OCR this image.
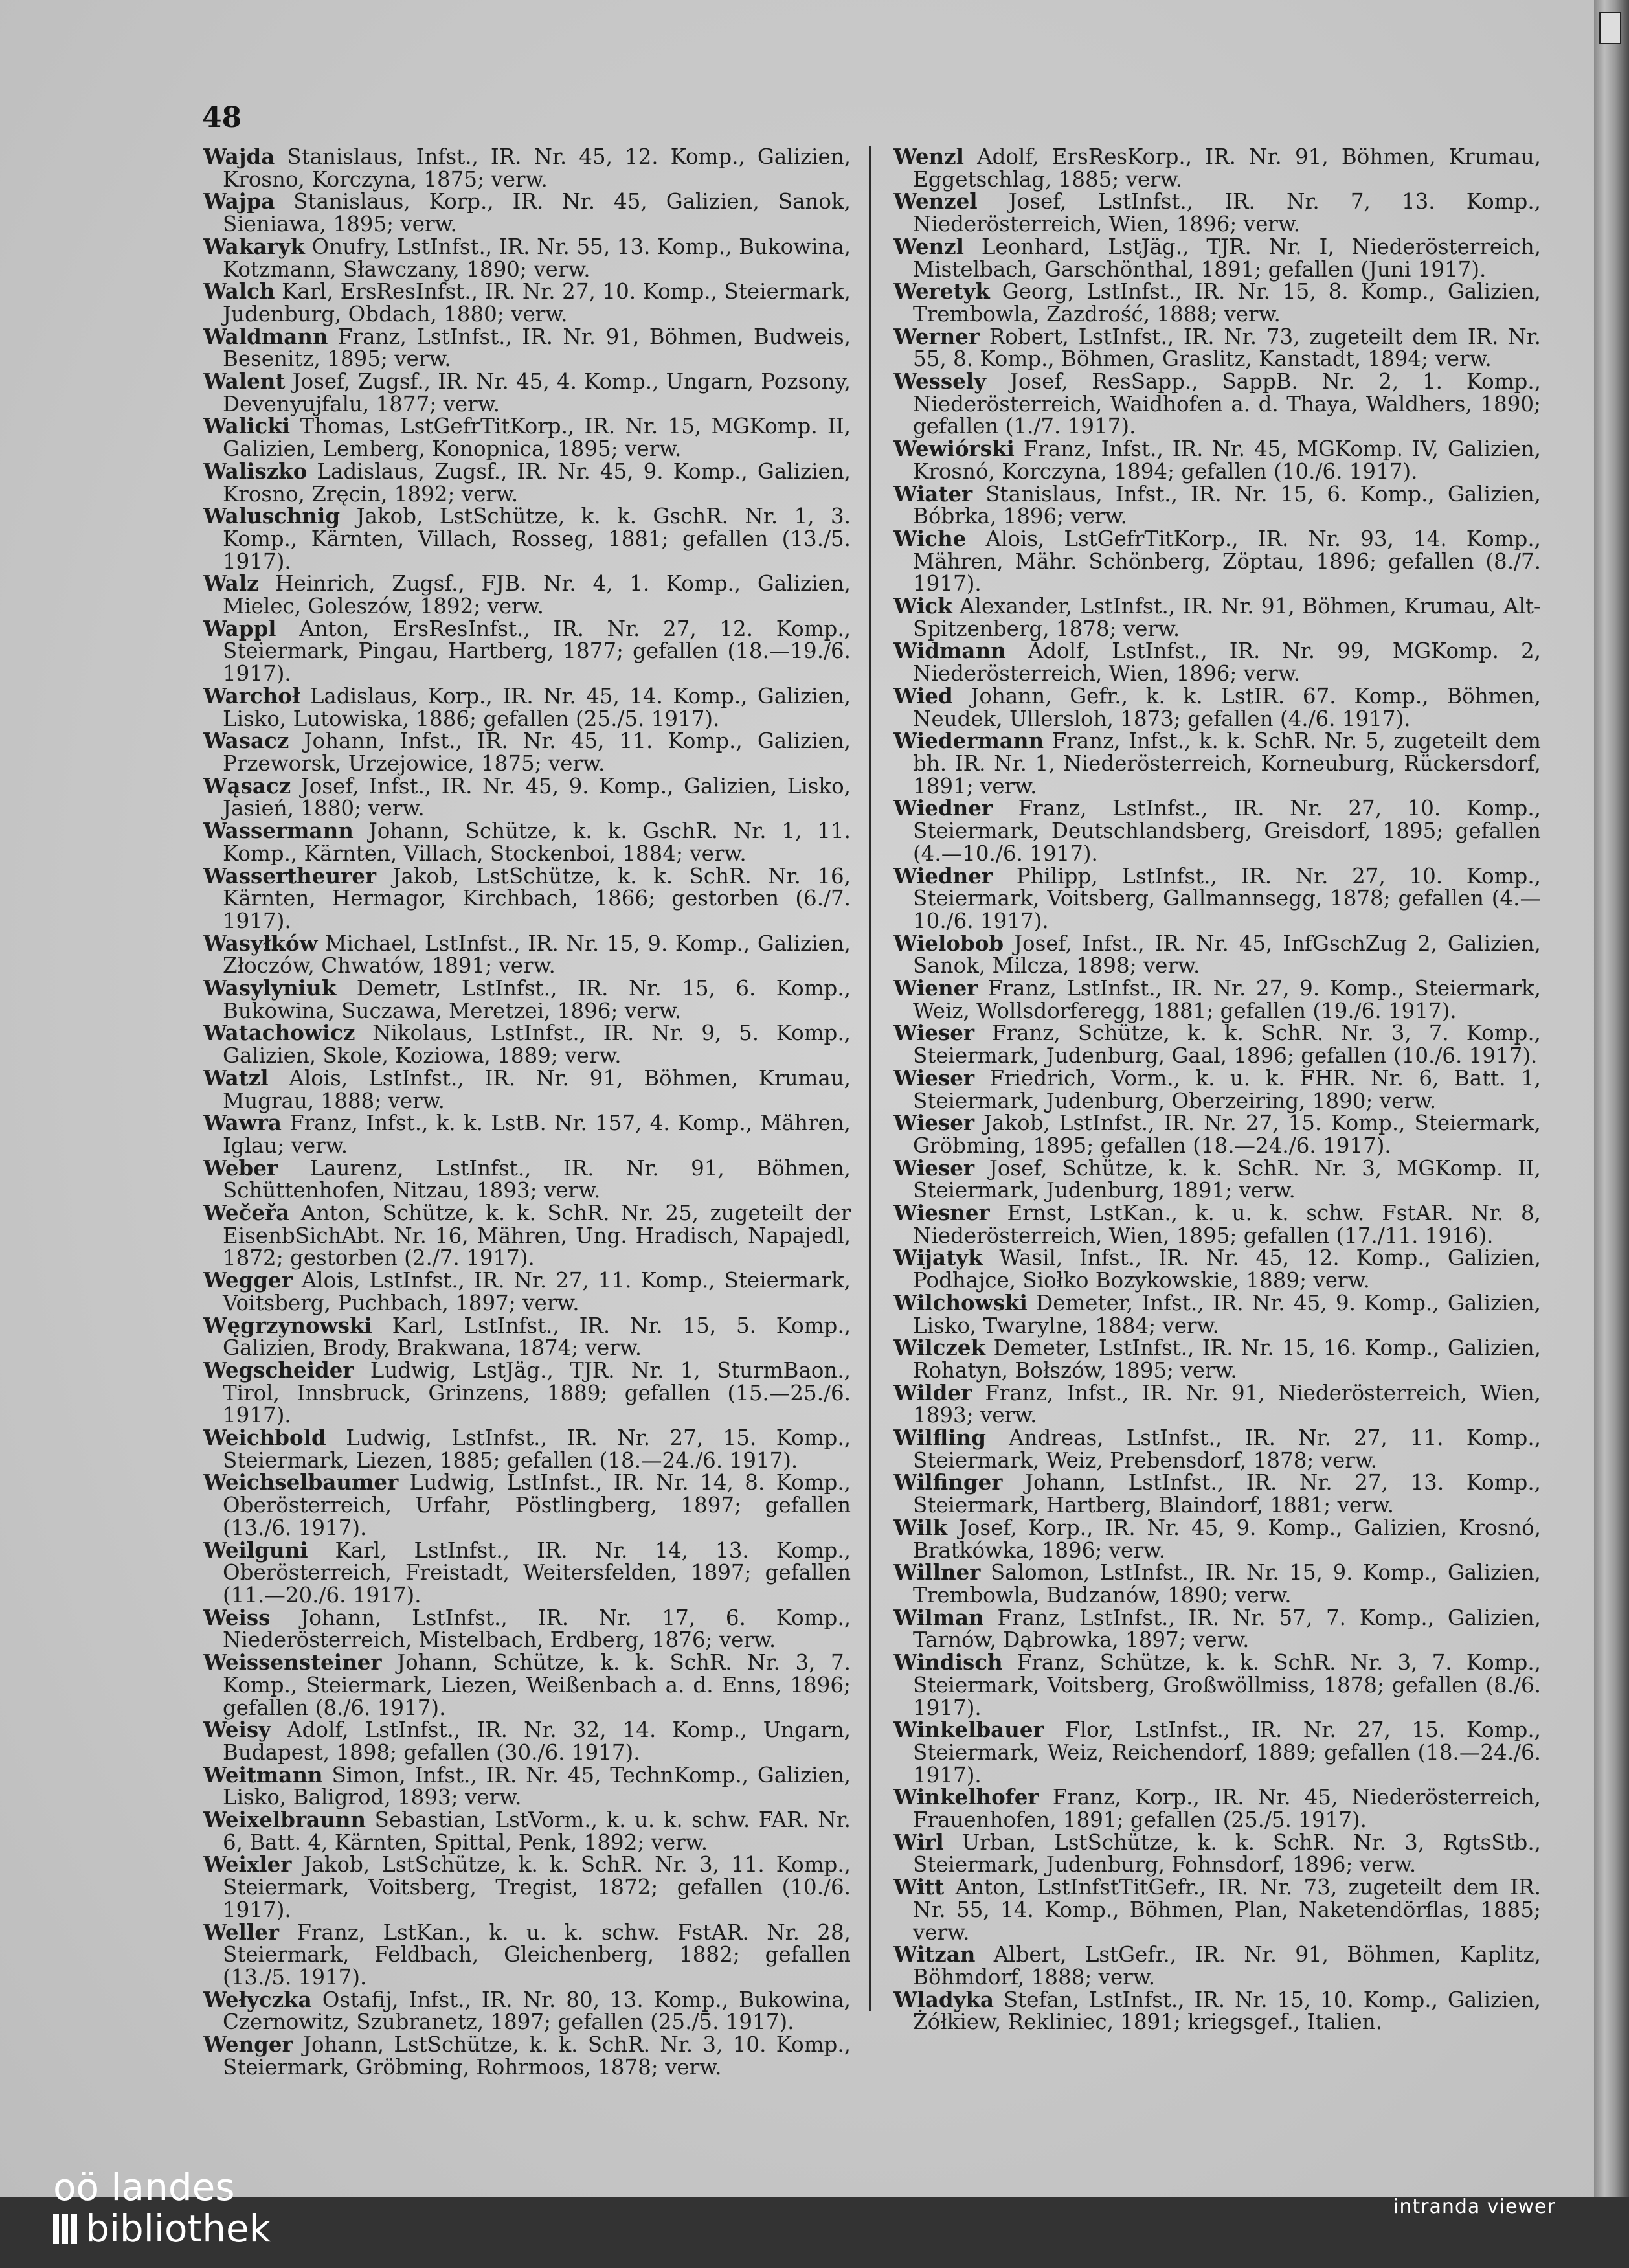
48

Wajda Stanislaus, Infst., IR. Nr. 45, 12. Komp., Galizien, Krosno, Korczyna, 1875; verw.

Wajpa Stanislaus, Korp., IR. Nr. 45, Galizien, Sanok, Sieniawa, 1895; verw.

Wakaryk Onufry, LstInfst., IR. Nr. 55, 13. Komp., Bukowina, Kotzmann, Sławczany, 1890; verw.

Walch Karl, ErsResInfst., IR. Nr. 27, 10. Komp., Steiermark, Judenburg, Obdach, 1880; verw.

Waldmann Franz, LstInfst., IR. Nr. 91, Böhmen, Budweis, Besenitz, 1895; verw.

Walent Josef, Zugsf., IR. Nr. 45, 4. Komp., Ungarn, Pozsony, Devenyujfalu, 1877; verw.

Walicki Thomas, LstGefrTitKorp., IR. Nr. 15, MGKomp. II, Galizien, Lemberg, Konopnica, 1895; verw.

Waliszko Ladislaus, Zugsf., IR. Nr. 45, 9. Komp., Galizien, Krosno, Zręcin, 1892; verw.

Waluschnig Jakob, LstSchütze, k. k. GschR. Nr. 1, 3. Komp., Kärnten, Villach, Rosseg, 1881; gefallen (13./5. 1917).

Walz Heinrich, Zugsf., FJB. Nr. 4, 1. Komp., Galizien, Mielec, Goleszów, 1892; verw.

Wappl Anton, ErsResInfst., IR. Nr. 27, 12. Komp., Steiermark, Pingau, Hartberg, 1877; gefallen (18.—19./6. 1917).

Warchoł Ladislaus, Korp., IR. Nr. 45, 14. Komp., Galizien, Lisko, Lutowiska, 1886; gefallen (25./5. 1917).

Wasacz Johann, Infst., IR. Nr. 45, 11. Komp., Galizien, Przeworsk, Urzejowice, 1875; verw.

Wąsacz Josef, Infst., IR. Nr. 45, 9. Komp., Galizien, Lisko, Jasień, 1880; verw.

Wassermann Johann, Schütze, k. k. GschR. Nr. 1, 11. Komp., Kärnten, Villach, Stockenboi, 1884; verw.

Wassertheurer Jakob, LstSchütze, k. k. SchR. Nr. 16, Kärnten, Hermagor, Kirchbach, 1866; gestorben (6./7. 1917).

Wasyłków Michael, LstInfst., IR. Nr. 15, 9. Komp., Galizien, Złoczów, Chwatów, 1891; verw.

Wasylyniuk Demetr, LstInfst., IR. Nr. 15, 6. Komp., Bukowina, Suczawa, Meretzei, 1896; verw.

Watachowicz Nikolaus, LstInfst., IR. Nr. 9, 5. Komp., Galizien, Skole, Koziowa, 1889; verw.

Watzl Alois, LstInfst., IR. Nr. 91, Böhmen, Krumau, Mugrau, 1888; verw.

Wawra Franz, Infst., k. k. LstB. Nr. 157, 4. Komp., Mähren, Iglau; verw.

Weber Laurenz, LstInfst., IR. Nr. 91, Böhmen, Schüttenhofen, Nitzau, 1893; verw.

Wečeřa Anton, Schütze, k. k. SchR. Nr. 25, zugeteilt der EisenbSichAbt. Nr. 16, Mähren, Ung. Hradisch, Napajedl, 1872; gestorben (2./7. 1917).

Wegger Alois, LstInfst., IR. Nr. 27, 11. Komp., Steiermark, Voitsberg, Puchbach, 1897; verw.

Węgrzynowski Karl, LstInfst., IR. Nr. 15, 5. Komp., Galizien, Brody, Brakwana, 1874; verw.

Wegscheider Ludwig, LstJäg., TJR. Nr. 1, SturmBaon., Tirol, Innsbruck, Grinzens, 1889; gefallen (15.—25./6. 1917).

Weichbold Ludwig, LstInfst., IR. Nr. 27, 15. Komp., Steiermark, Liezen, 1885; gefallen (18.—24./6. 1917).

Weichselbaumer Ludwig, LstInfst., IR. Nr. 14, 8. Komp., Oberösterreich, Urfahr, Pöstlingberg, 1897; gefallen (13./6. 1917).

Weilguni Karl, LstInfst., IR. Nr. 14, 13. Komp., Oberösterreich, Freistadt, Weitersfelden, 1897; gefallen (11.—20./6. 1917).

Weiss Johann, LstInfst., IR. Nr. 17, 6. Komp., Niederösterreich, Mistelbach, Erdberg, 1876; verw.

Weissensteiner Johann, Schütze, k. k. SchR. Nr. 3, 7. Komp., Steiermark, Liezen, Weißenbach a. d. Enns, 1896; gefallen (8./6. 1917).

Weisy Adolf, LstInfst., IR. Nr. 32, 14. Komp., Ungarn, Budapest, 1898; gefallen (30./6. 1917).

Weitmann Simon, Infst., IR. Nr. 45, TechnKomp., Galizien, Lisko, Baligrod, 1893; verw.

Weixelbraunn Sebastian, LstVorm., k. u. k. schw. FAR. Nr. 6, Batt. 4, Kärnten, Spittal, Penk, 1892; verw.

Weixler Jakob, LstSchütze, k. k. SchR. Nr. 3, 11. Komp., Steiermark, Voitsberg, Tregist, 1872; gefallen (10./6. 1917).

Weller Franz, LstKan., k. u. k. schw. FstAR. Nr. 28, Steiermark, Feldbach, Gleichenberg, 1882; gefallen (13./5. 1917).

Wełyczka Ostafij, Infst., IR. Nr. 80, 13. Komp., Bukowina, Czernowitz, Szubranetz, 1897; gefallen (25./5. 1917).

Wenger Johann, LstSchütze, k. k. SchR. Nr. 3, 10. Komp., Steiermark, Gröbming, Rohrmoos, 1878; verw.

Wenzl Adolf, ErsResKorp., IR. Nr. 91, Böhmen, Krumau, Eggetschlag, 1885; verw.

Wenzel Josef, LstInfst., IR. Nr. 7, 13. Komp., Niederösterreich, Wien, 1896; verw.

Wenzl Leonhard, LstJäg., TJR. Nr. I, Niederösterreich, Mistelbach, Garschönthal, 1891; gefallen (Juni 1917).

Weretyk Georg, LstInfst., IR. Nr. 15, 8. Komp., Galizien, Trembowla, Zazdrość, 1888; verw.

Werner Robert, LstInfst., IR. Nr. 73, zugeteilt dem IR. Nr. 55, 8. Komp., Böhmen, Graslitz, Kanstadt, 1894; verw.

Wessely Josef, ResSapp., SappB. Nr. 2, 1. Komp., Niederösterreich, Waidhofen a. d. Thaya, Waldhers, 1890; gefallen (1./7. 1917).

Wewiórski Franz, Infst., IR. Nr. 45, MGKomp. IV, Galizien, Krosnó, Korczyna, 1894; gefallen (10./6. 1917).

Wiater Stanislaus, Infst., IR. Nr. 15, 6. Komp., Galizien, Bóbrka, 1896; verw.

Wiche Alois, LstGefrTitKorp., IR. Nr. 93, 14. Komp., Mähren, Mähr. Schönberg, Zöptau, 1896; gefallen (8./7. 1917).

Wick Alexander, LstInfst., IR. Nr. 91, Böhmen, Krumau, Alt-Spitzenberg, 1878; verw.

Widmann Adolf, LstInfst., IR. Nr. 99, MGKomp. 2, Niederösterreich, Wien, 1896; verw.

Wied Johann, Gefr., k. k. LstIR. 67. Komp., Böhmen, Neudek, Ullersloh, 1873; gefallen (4./6. 1917).

Wiedermann Franz, Infst., k. k. SchR. Nr. 5, zugeteilt dem bh. IR. Nr. 1, Niederösterreich, Korneuburg, Rückersdorf, 1891; verw.

Wiedner Franz, LstInfst., IR. Nr. 27, 10. Komp., Steiermark, Deutschlandsberg, Greisdorf, 1895; gefallen (4.—10./6. 1917).

Wiedner Philipp, LstInfst., IR. Nr. 27, 10. Komp., Steiermark, Voitsberg, Gallmannsegg, 1878; gefallen (4.—10./6. 1917).

Wielobob Josef, Infst., IR. Nr. 45, InfGschZug 2, Galizien, Sanok, Milcza, 1898; verw.

Wiener Franz, LstInfst., IR. Nr. 27, 9. Komp., Steiermark, Weiz, Wollsdorferegg, 1881; gefallen (19./6. 1917).

Wieser Franz, Schütze, k. k. SchR. Nr. 3, 7. Komp., Steiermark, Judenburg, Gaal, 1896; gefallen (10./6. 1917).

Wieser Friedrich, Vorm., k. u. k. FHR. Nr. 6, Batt. 1, Steiermark, Judenburg, Oberzeiring, 1890; verw.

Wieser Jakob, LstInfst., IR. Nr. 27, 15. Komp., Steiermark, Gröbming, 1895; gefallen (18.—24./6. 1917).

Wieser Josef, Schütze, k. k. SchR. Nr. 3, MGKomp. II, Steiermark, Judenburg, 1891; verw.

Wiesner Ernst, LstKan., k. u. k. schw. FstAR. Nr. 8, Niederösterreich, Wien, 1895; gefallen (17./11. 1916).

Wijatyk Wasil, Infst., IR. Nr. 45, 12. Komp., Galizien, Podhajce, Siołko Bozykowskie, 1889; verw.

Wilchowski Demeter, Infst., IR. Nr. 45, 9. Komp., Galizien, Lisko, Twarylne, 1884; verw.

Wilczek Demeter, LstInfst., IR. Nr. 15, 16. Komp., Galizien, Rohatyn, Bołszów, 1895; verw.

Wilder Franz, Infst., IR. Nr. 91, Niederösterreich, Wien, 1893; verw.

Wilfling Andreas, LstInfst., IR. Nr. 27, 11. Komp., Steiermark, Weiz, Prebensdorf, 1878; verw.

Wilfinger Johann, LstInfst., IR. Nr. 27, 13. Komp., Steiermark, Hartberg, Blaindorf, 1881; verw.

Wilk Josef, Korp., IR. Nr. 45, 9. Komp., Galizien, Krosnó, Bratkówka, 1896; verw.

Willner Salomon, LstInfst., IR. Nr. 15, 9. Komp., Galizien, Trembowla, Budzanów, 1890; verw.

Wilman Franz, LstInfst., IR. Nr. 57, 7. Komp., Galizien, Tarnów, Dąbrowka, 1897; verw.

Windisch Franz, Schütze, k. k. SchR. Nr. 3, 7. Komp., Steiermark, Voitsberg, Großwöllmiss, 1878; gefallen (8./6. 1917).

Winkelbauer Flor, LstInfst., IR. Nr. 27, 15. Komp., Steiermark, Weiz, Reichendorf, 1889; gefallen (18.—24./6. 1917).

Winkelhofer Franz, Korp., IR. Nr. 45, Niederösterreich, Frauenhofen, 1891; gefallen (25./5. 1917).

Wirl Urban, LstSchütze, k. k. SchR. Nr. 3, RgtsStb., Steiermark, Judenburg, Fohnsdorf, 1896; verw.

Witt Anton, LstInfstTitGefr., IR. Nr. 73, zugeteilt dem IR. Nr. 55, 14. Komp., Böhmen, Plan, Naketendörflas, 1885; verw.

Witzan Albert, LstGefr., IR. Nr. 91, Böhmen, Kaplitz, Böhmdorf, 1888; verw.

Wladyka Stefan, LstInfst., IR. Nr. 15, 10. Komp., Galizien, Żółkiew, Rekliniec, 1891; kriegsgef., Italien.

oö landes
bibliothek	intranda viewer
